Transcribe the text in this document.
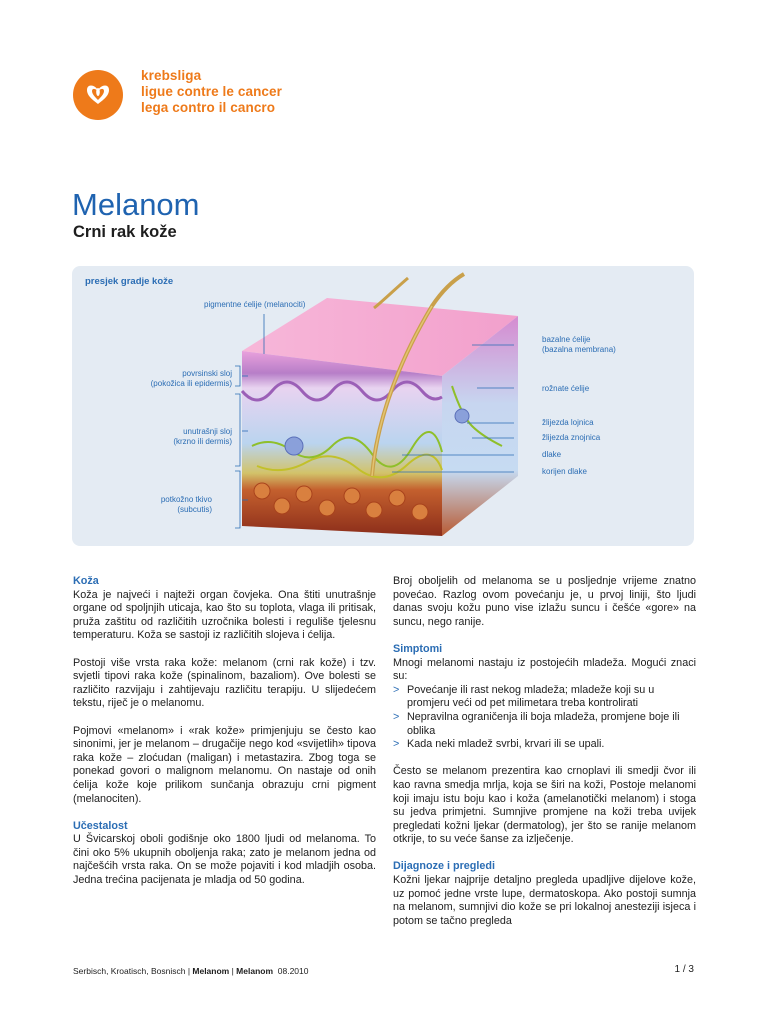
krebsliga
ligue contre le cancer
lega contro il cancro
Melanom
Crni rak kože
presjek gradje kože
pigmentne ćelije (melanociti)
povrsinski sloj
(pokožica ili epidermis)
unutrašnji sloj
(krzno ili dermis)
potkožno tkivo
(subcutis)
bazalne ćelije
(bazalna membrana)
rožnate ćelije
žlijezda lojnica
žlijezda znojnica
dlake
korijen dlake
Koža

Koža je najveći i najteži organ čovjeka. Ona štiti unutrašnje organe od spoljnjih uticaja, kao što su toplota, vlaga ili pritisak, pruža zaštitu od različitih uzročnika bolesti i reguliše tjelesnu temperaturu. Koža se sastoji iz različitih slojeva i ćelija.

Postoji više vrsta raka kože: melanom (crni rak kože) i tzv. svjetli tipovi raka kože (spinalinom, bazaliom). Ove bolesti se različito razvijaju i zahtijevaju različitu terapiju. U slijedećem tekstu, riječ je o melanomu.

Pojmovi «melanom» i «rak kože» primjenjuju se često kao sinonimi, jer je melanom – drugačije nego kod «svijetlih» tipova raka kože – zloćudan (maligan) i metastazira. Zbog toga se ponekad govori o malignom melanomu. On nastaje od onih ćelija kože koje prilikom sunčanja obrazuju crni pigment (melanociten).

Učestalost

U Švicarskoj oboli godišnje oko 1800 ljudi od melanoma. To čini oko 5% ukupnih oboljenja raka; zato je melanom jedna od najčešćih vrsta raka. On se može pojaviti i kod mladjih osoba. Jedna trećina pacijenata je mladja od 50 godina.

Broj oboljelih od melanoma se u posljednje vrijeme znatno povećao. Razlog ovom povećanju je, u prvoj liniji, što ljudi danas svoju kožu puno vise izlažu suncu i češće «gore» na suncu, nego ranije.

Simptomi

Mnogi melanomi nastaju iz postojećih mladeža. Mogući znaci su:

> Povećanje ili rast nekog mladeža; mladeže koji su u promjeru veći od pet milimetara treba kontrolirati
> Nepravilna ograničenja ili boja mladeža, promjene boje ili oblika
> Kada neki mladež svrbi, krvari ili se upali.

Često se melanom prezentira kao crnoplavi ili smedji čvor ili kao ravna smedja mrlja, koja se širi na koži, Postoje melanomi koji imaju istu boju kao i koža (amelanotički melanom) i stoga su jedva primjetni. Sumnjive promjene na koži treba uvijek pregledati kožni ljekar (dermatolog), jer što se ranije melanom otkrije, to su veće šanse za izlječenje.

Dijagnoze i pregledi

Kožni ljekar najprije detaljno pregleda upadljive dijelove kože, uz pomoć jedne vrste lupe, dermatoskopa. Ako postoji sumnja na melanom, sumnjivi dio kože se pri lokalnoj anesteziji isjeca i potom se tačno pregleda

Serbisch, Kroatisch, Bosnisch | Melanom | Melanom 08.2010	1 / 3
